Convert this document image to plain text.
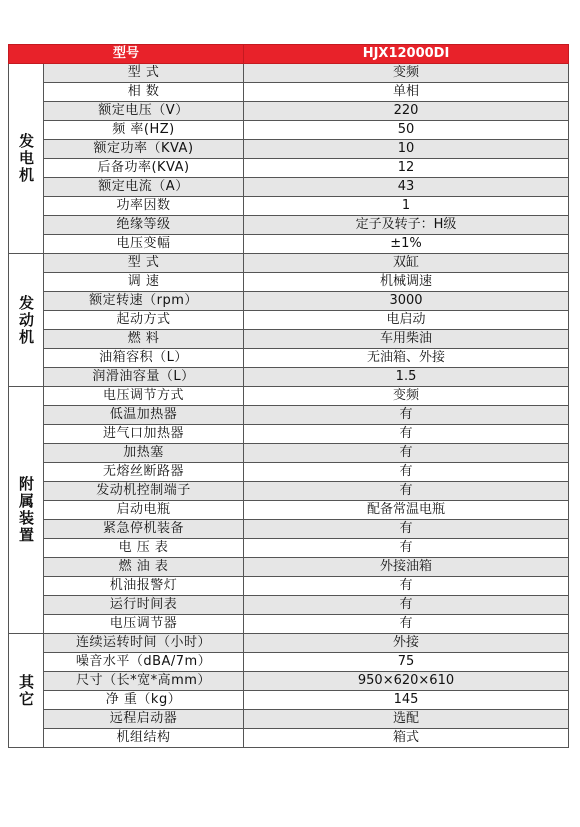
型号		HJX12000DI

发电机	型 式	变频
	相 数	单相
	额定电压（V）	220
	频 率(HZ)	50
	额定功率（KVA)	10
	后备功率(KVA)	12
	额定电流（A）	43
	功率因数	1
	绝缘等级	定子及转子：H级
	电压变幅	±1%

发动机	型 式	双缸
	调 速	机械调速
	额定转速（rpm）	3000
	起动方式	电启动
	燃 料	车用柴油
	油箱容积（L）	无油箱、外接
	润滑油容量（L）	1.5

附属装置	电压调节方式	变频
	低温加热器	有
	进气口加热器	有
	加热塞	有
	无熔丝断路器	有
	发动机控制端子	有
	启动电瓶	配备常温电瓶
	紧急停机装备	有
	电 压 表	有
	燃 油 表	外接油箱
	机油报警灯	有
	运行时间表	有
	电压调节器	有

其它	连续运转时间（小时）	外接
	噪音水平（dBA/7m）	75
	尺寸（长*宽*高mm）	950×620×610
	净 重（kg）	145
	远程启动器	选配
	机组结构	箱式
